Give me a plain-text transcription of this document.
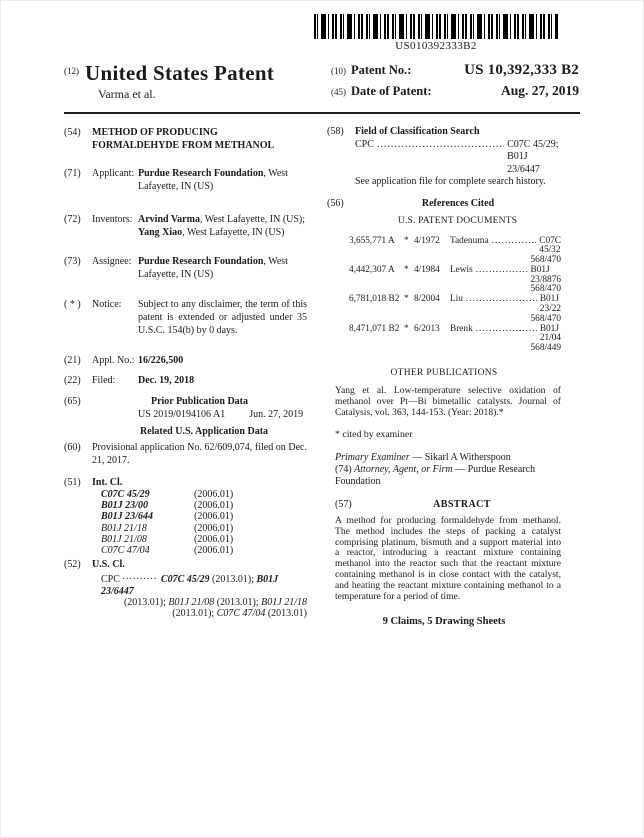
US010392333B2
(12) United States Patent
Varma et al.
(10) Patent No.:	US 10,392,333 B2
(45) Date of Patent:	Aug. 27, 2019
(54)	METHOD OF PRODUCING
FORMALDEHYDE FROM METHANOL
(71)	Applicant: Purdue Research Foundation, West Lafayette, IN (US)
(72)	Inventors: Arvind Varma, West Lafayette, IN (US); Yang Xiao, West Lafayette, IN (US)
(73)	Assignee: Purdue Research Foundation, West Lafayette, IN (US)
( * )	Notice:	Subject to any disclaimer, the term of this patent is extended or adjusted under 35 U.S.C. 154(b) by 0 days.
(21)	Appl. No.: 16/226,500
(22)	Filed:	Dec. 19, 2018
(65)	Prior Publication Data
US 2019/0194106 A1 Jun. 27, 2019
Related U.S. Application Data
(60)	Provisional application No. 62/609,074, filed on Dec. 21, 2017.
(51)	Int. Cl.
C07C 45/29	(2006.01)
B01J 23/00	(2006.01)
B01J 23/644	(2006.01)
B01J 21/18	(2006.01)
B01J 21/08	(2006.01)
C07C 47/04	(2006.01)
(52)	U.S. Cl.
CPC .....	C07C 45/29 (2013.01); B01J 23/6447
(2013.01); B01J 21/08 (2013.01); B01J 21/18
(2013.01); C07C 47/04 (2013.01)
(58)	Field of Classification Search
CPC .....	C07C 45/29; B01J 23/6447
See application file for complete search history.
(56)	References Cited
U.S. PATENT DOCUMENTS
3,655,771 A * 4/1972	Tadenuma .....	C07C 45/32
568/470
4,442,307 A * 4/1984	Lewis .....	B01J 23/8876
568/470
6,781,018 B2 * 8/2004	Liu .....	B01J 23/22
568/470
8,471,071 B2 * 6/2013	Brenk .....	B01J 21/04
568/449
OTHER PUBLICATIONS
Yang et al. Low-temperature selective oxidation of methanol over Pt—Bi bimetallic catalysts. Journal of Catalysis, vol. 363, 144-153. (Year: 2018).*
* cited by examiner
Primary Examiner — Sikarl A Witherspoon
(74) Attorney, Agent, or Firm — Purdue Research Foundation
(57)	ABSTRACT
A method for producing formaldehyde from methanol. The method includes the steps of packing a catalyst comprising platinum, bismuth and a support material into a reactor, introducing a reactant mixture containing methanol into the reactor such that the reactant mixture containing methanol is in close contact with the catalyst, and heating the reactant mixture containing methanol to a temperature for a period of time.
9 Claims, 5 Drawing Sheets
